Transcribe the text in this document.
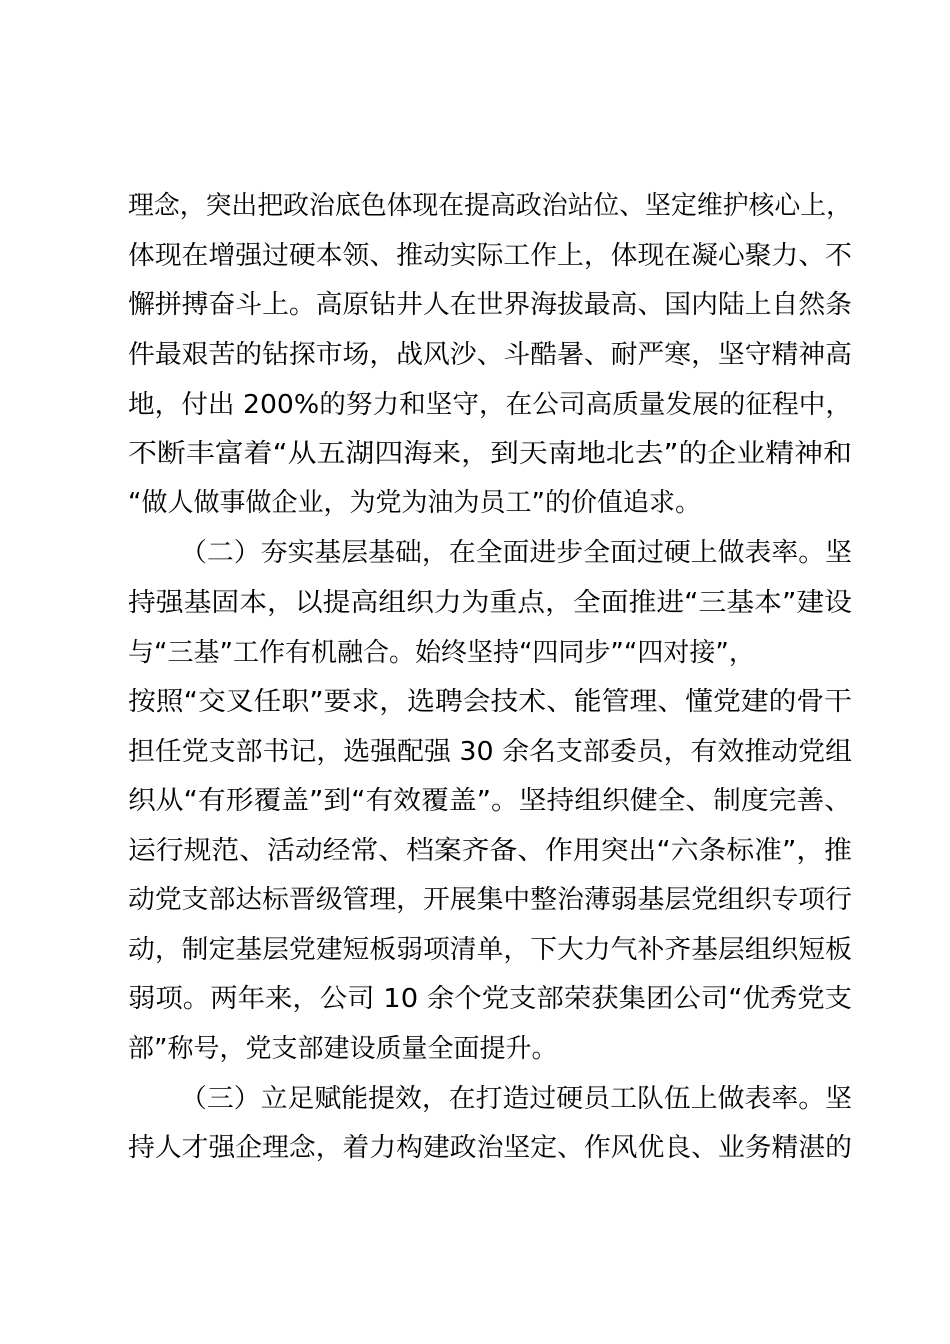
理念，突出把政治底色体现在提高政治站位、坚定维护核心上，
体现在增强过硬本领、推动实际工作上，体现在凝心聚力、不
懈拼搏奋斗上。高原钻井人在世界海拔最高、国内陆上自然条
件最艰苦的钻探市场，战风沙、斗酷暑、耐严寒，坚守精神高
地，付出 200%的努力和坚守，在公司高质量发展的征程中，
不断丰富着“从五湖四海来，到天南地北去”的企业精神和
“做人做事做企业，为党为油为员工”的价值追求。
（二）夯实基层基础，在全面进步全面过硬上做表率。坚
持强基固本，以提高组织力为重点，全面推进“三基本”建设
与“三基”工作有机融合。始终坚持“四同步”“四对接”，
按照“交叉任职”要求，选聘会技术、能管理、懂党建的骨干
担任党支部书记，选强配强 30 余名支部委员，有效推动党组
织从“有形覆盖”到“有效覆盖”。坚持组织健全、制度完善、
运行规范、活动经常、档案齐备、作用突出“六条标准”，推
动党支部达标晋级管理，开展集中整治薄弱基层党组织专项行
动，制定基层党建短板弱项清单，下大力气补齐基层组织短板
弱项。两年来，公司 10 余个党支部荣获集团公司“优秀党支
部”称号，党支部建设质量全面提升。
（三）立足赋能提效，在打造过硬员工队伍上做表率。坚
持人才强企理念，着力构建政治坚定、作风优良、业务精湛的
